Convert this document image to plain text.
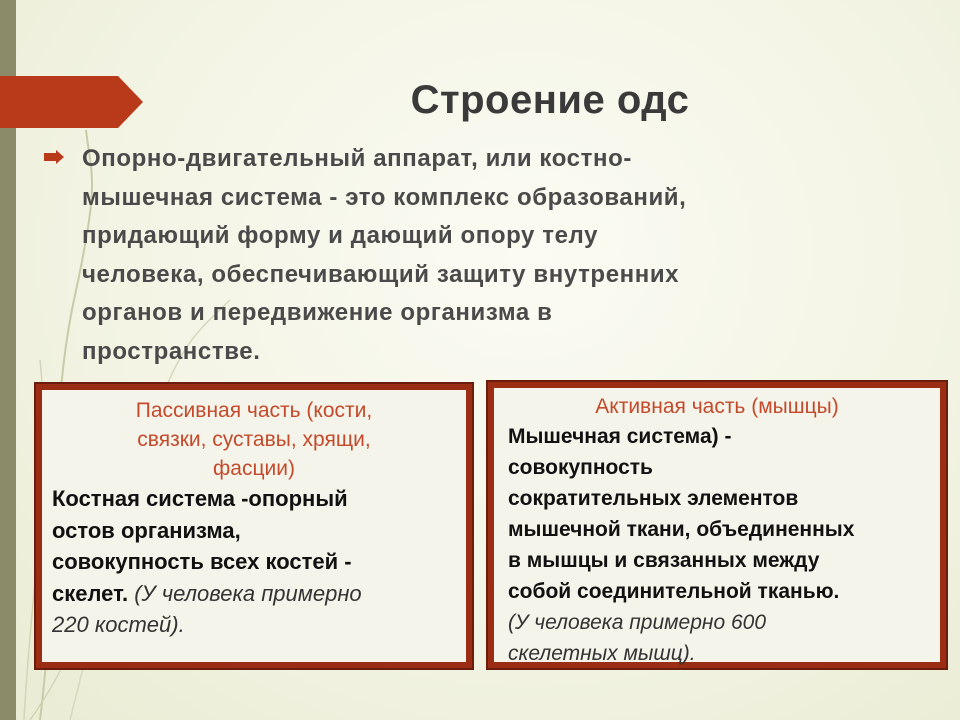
Строение одс
Опорно-двигательный аппарат, или костно-
мышечная система - это комплекс образований,
придающий форму и дающий опору телу
человека, обеспечивающий защиту внутренних
органов и передвижение организма в
пространстве.
Пассивная часть (кости,
связки, суставы, хрящи,
фасции)
Костная система -опорный
остов организма,
совокупность всех костей -
скелет. (У человека примерно
220 костей).
Активная часть (мышцы)
Мышечная система) -
совокупность
сократительных элементов
мышечной ткани, объединенных
в мышцы и связанных между
собой соединительной тканью.
(У человека примерно 600
скелетных мышц).
